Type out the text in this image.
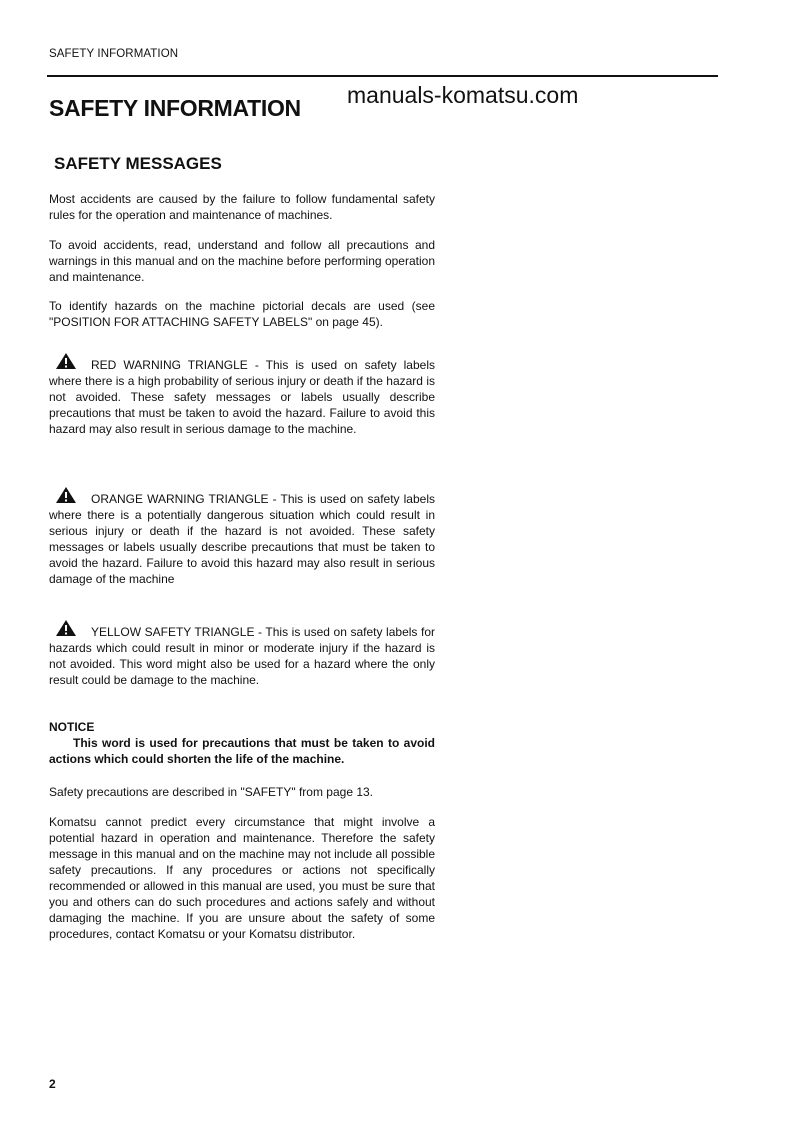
SAFETY INFORMATION
SAFETY INFORMATION manuals-komatsu.com
SAFETY MESSAGES

Most accidents are caused by the failure to follow fundamental safety rules for the operation and maintenance of machines.

To avoid accidents, read, understand and follow all precautions and warnings in this manual and on the machine before performing operation and maintenance.

To identify hazards on the machine pictorial decals are used (see "POSITION FOR ATTACHING SAFETY LABELS" on page 45).

RED WARNING TRIANGLE - This is used on safety labels where there is a high probability of serious injury or death if the hazard is not avoided. These safety messages or labels usually describe precautions that must be taken to avoid the hazard. Failure to avoid this hazard may also result in serious damage to the machine.

ORANGE WARNING TRIANGLE - This is used on safety labels where there is a potentially dangerous situation which could result in serious injury or death if the hazard is not avoided. These safety messages or labels usually describe precautions that must be taken to avoid the hazard. Failure to avoid this hazard may also result in serious damage of the machine

YELLOW SAFETY TRIANGLE - This is used on safety labels for hazards which could result in minor or moderate injury if the hazard is not avoided. This word might also be used for a hazard where the only result could be damage to the machine.

NOTICE

This word is used for precautions that must be taken to avoid actions which could shorten the life of the machine.

Safety precautions are described in "SAFETY" from page 13.

Komatsu cannot predict every circumstance that might involve a potential hazard in operation and maintenance. Therefore the safety message in this manual and on the machine may not include all possible safety precautions. If any procedures or actions not specifically recommended or allowed in this manual are used, you must be sure that you and others can do such procedures and actions safely and without damaging the machine. If you are unsure about the safety of some procedures, contact Komatsu or your Komatsu distributor.

2
